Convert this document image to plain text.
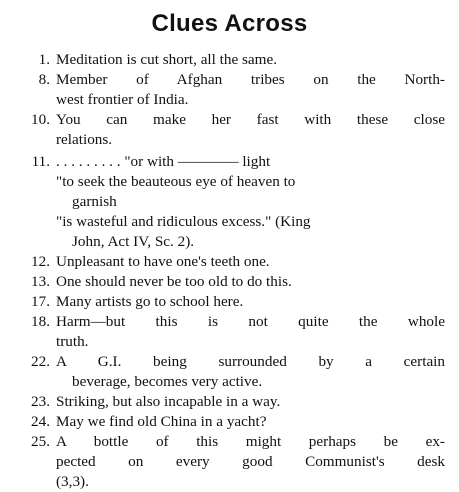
Clues Across
1. Meditation is cut short, all the same.
8. Member of Afghan tribes on the North-
west frontier of India.
10. You can make her fast with these close
relations.
11. . . . . . . . . . "or with ———— light
"to seek the beauteous eye of heaven to
garnish
"is wasteful and ridiculous excess." (King
John, Act IV, Sc. 2).
12. Unpleasant to have one's teeth one.
13. One should never be too old to do this.
17. Many artists go to school here.
18. Harm—but this is not quite the whole
truth.
22. A G.I. being surrounded by a certain
beverage, becomes very active.
23. Striking, but also incapable in a way.
24. May we find old China in a yacht?
25. A bottle of this might perhaps be ex-
pected on every good Communist's desk
(3,3).
